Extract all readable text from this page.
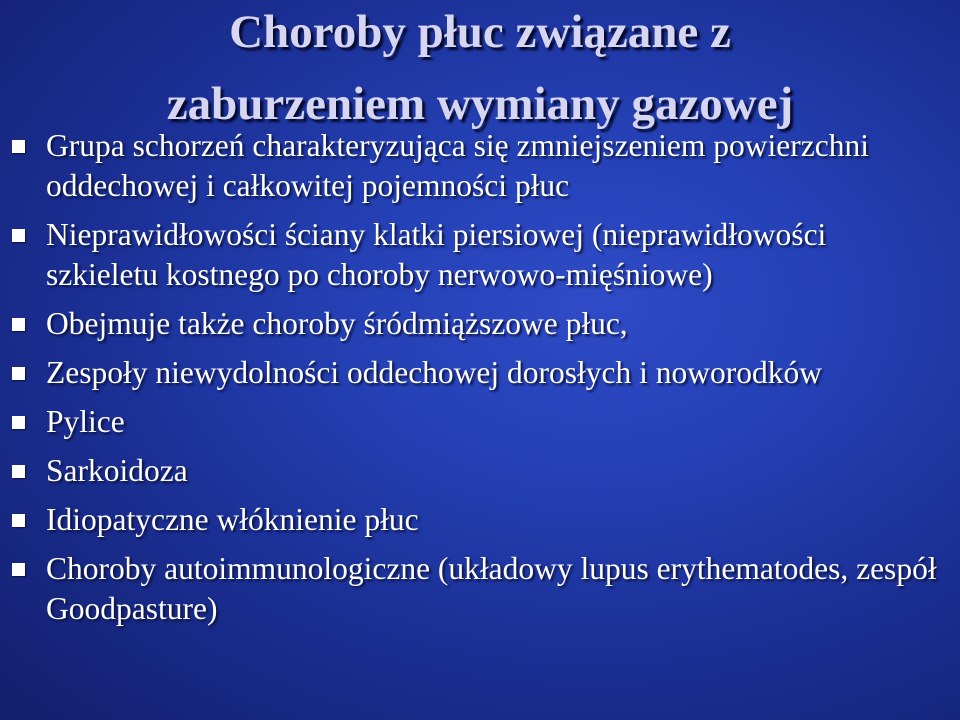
Choroby płuc związane z
zaburzeniem wymiany gazowej
Grupa schorzeń charakteryzująca się zmniejszeniem powierzchni oddechowej i całkowitej pojemności płuc
Nieprawidłowości ściany klatki piersiowej (nieprawidłowości szkieletu kostnego po choroby nerwowo-mięśniowe)
Obejmuje także choroby śródmiąższowe płuc,
Zespoły niewydolności oddechowej dorosłych i noworodków
Pylice
Sarkoidoza
Idiopatyczne włóknienie płuc
Choroby autoimmunologiczne (układowy lupus erythematodes, zespół Goodpasture)
